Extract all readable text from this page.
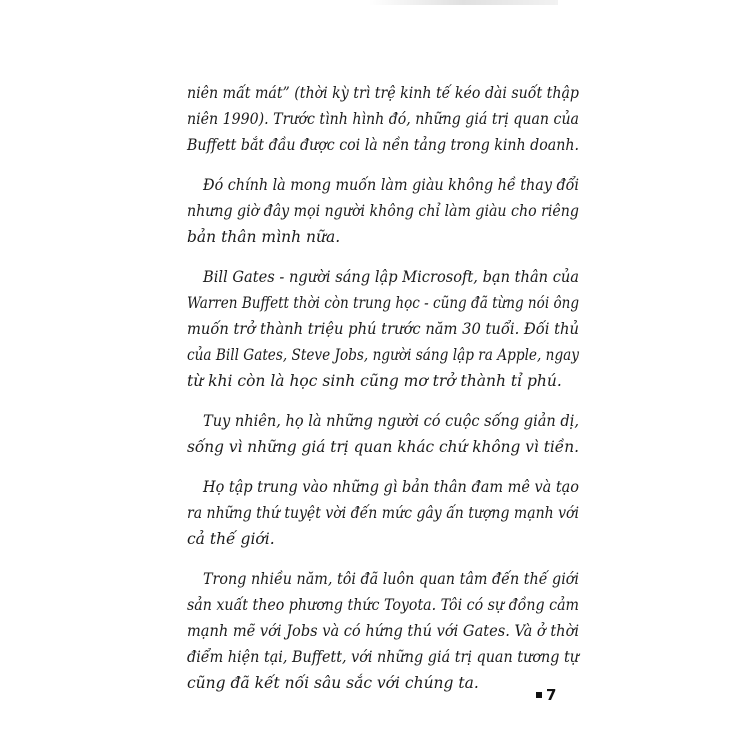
niên mất mát” (thời kỳ trì trệ kinh tế kéo dài suốt thập
niên 1990). Trước tình hình đó, những giá trị quan của
Buffett bắt đầu được coi là nền tảng trong kinh doanh.

Đó chính là mong muốn làm giàu không hề thay đổi
nhưng giờ đây mọi người không chỉ làm giàu cho riêng
bản thân mình nữa.

Bill Gates - người sáng lập Microsoft, bạn thân của
Warren Buffett thời còn trung học - cũng đã từng nói ông
muốn trở thành triệu phú trước năm 30 tuổi. Đối thủ
của Bill Gates, Steve Jobs, người sáng lập ra Apple, ngay
từ khi còn là học sinh cũng mơ trở thành tỉ phú.

Tuy nhiên, họ là những người có cuộc sống giản dị,
sống vì những giá trị quan khác chứ không vì tiền.

Họ tập trung vào những gì bản thân đam mê và tạo
ra những thứ tuyệt vời đến mức gây ấn tượng mạnh với
cả thế giới.

Trong nhiều năm, tôi đã luôn quan tâm đến thế giới
sản xuất theo phương thức Toyota. Tôi có sự đồng cảm
mạnh mẽ với Jobs và có hứng thú với Gates. Và ở thời
điểm hiện tại, Buffett, với những giá trị quan tương tự
cũng đã kết nối sâu sắc với chúng ta.

7
